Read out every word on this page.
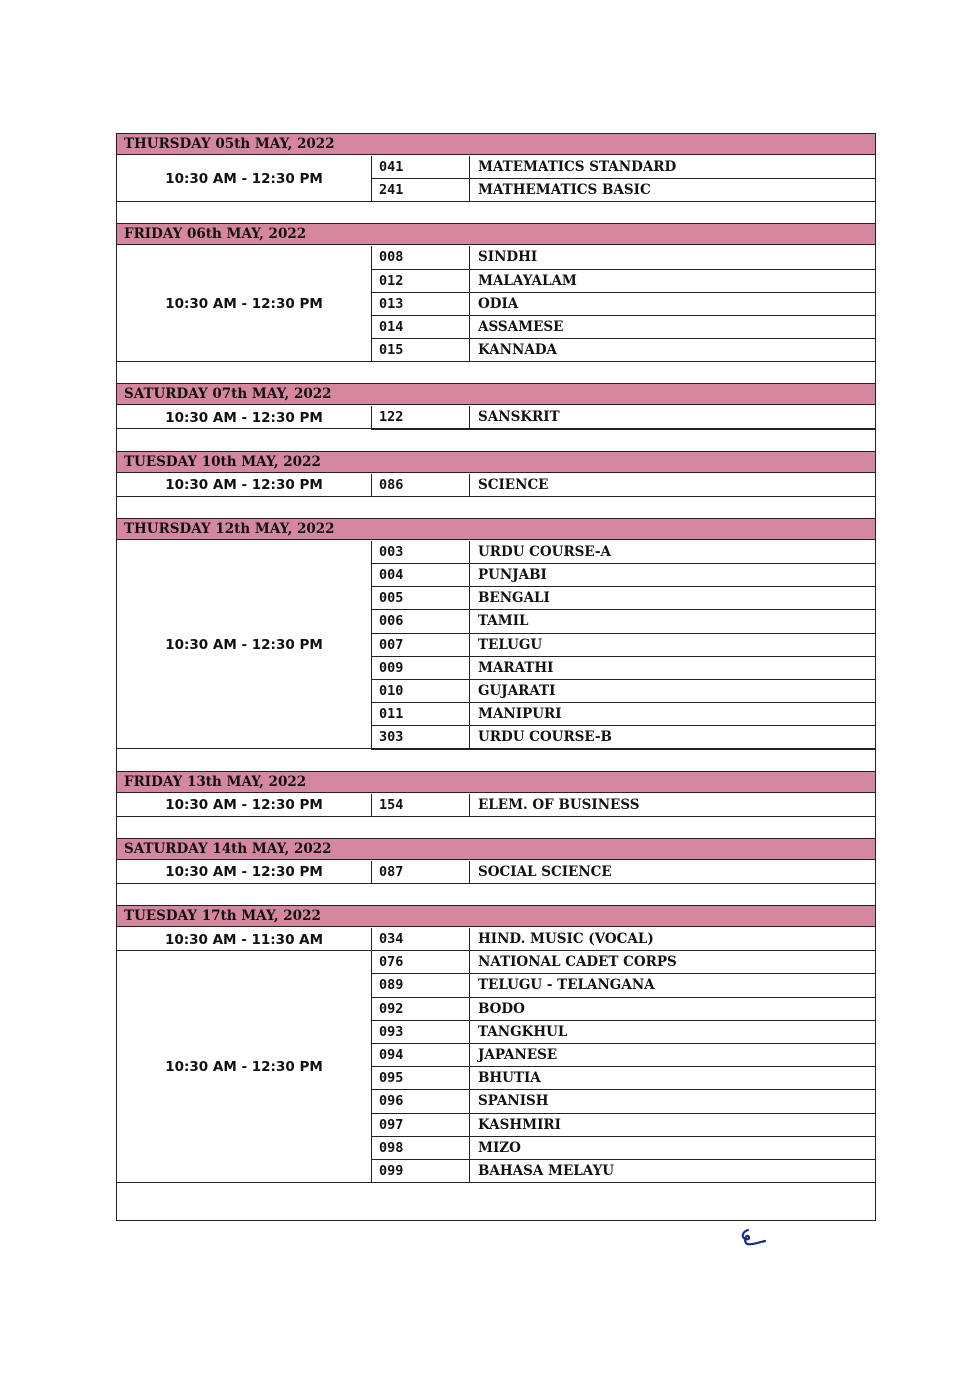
THURSDAY 05th MAY, 2022
10:30 AM - 12:30 PM
041	MATEMATICS STANDARD
241	MATHEMATICS BASIC
FRIDAY 06th MAY, 2022
10:30 AM - 12:30 PM
008	SINDHI
012	MALAYALAM
013	ODIA
014	ASSAMESE
015	KANNADA
SATURDAY 07th MAY, 2022
10:30 AM - 12:30 PM	122	SANSKRIT
TUESDAY 10th MAY, 2022
10:30 AM - 12:30 PM	086	SCIENCE
THURSDAY 12th MAY, 2022
10:30 AM - 12:30 PM
003	URDU COURSE-A
004	PUNJABI
005	BENGALI
006	TAMIL
007	TELUGU
009	MARATHI
010	GUJARATI
011	MANIPURI
303	URDU COURSE-B
FRIDAY 13th MAY, 2022
10:30 AM - 12:30 PM	154	ELEM. OF BUSINESS
SATURDAY 14th MAY, 2022
10:30 AM - 12:30 PM	087	SOCIAL SCIENCE
TUESDAY 17th MAY, 2022
10:30 AM - 11:30 AM	034	HIND. MUSIC (VOCAL)
10:30 AM - 12:30 PM
076	NATIONAL CADET CORPS
089	TELUGU - TELANGANA
092	BODO
093	TANGKHUL
094	JAPANESE
095	BHUTIA
096	SPANISH
097	KASHMIRI
098	MIZO
099	BAHASA MELAYU
